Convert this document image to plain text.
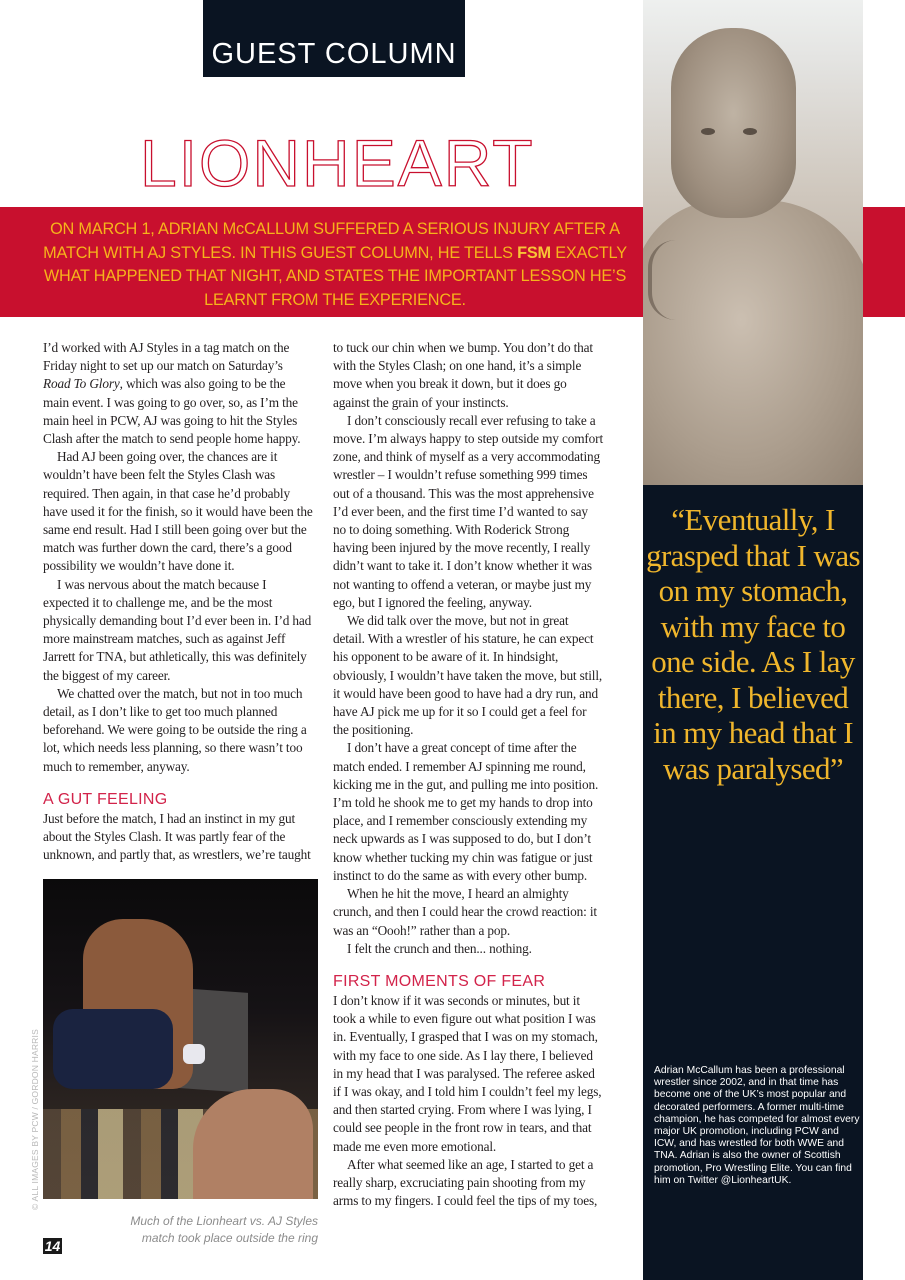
GUEST COLUMN
LIONHEART

ON MARCH 1, ADRIAN McCALLUM SUFFERED A SERIOUS INJURY AFTER A MATCH WITH AJ STYLES. IN THIS GUEST COLUMN, HE TELLS FSM EXACTLY WHAT HAPPENED THAT NIGHT, AND STATES THE IMPORTANT LESSON HE’S LEARNT FROM THE EXPERIENCE.

“Eventually, I grasped that I was on my stomach, with my face to one side. As I lay there, I believed in my head that I was paralysed”
Adrian McCallum has been a professional wrestler since 2002, and in that time has become one of the UK’s most popular and decorated performers. A former multi-time champion, he has competed for almost every major UK promotion, including PCW and ICW, and has wrestled for both WWE and TNA. Adrian is also the owner of Scottish promotion, Pro Wrestling Elite. You can find him on Twitter @LionheartUK.

I’d worked with AJ Styles in a tag match on the Friday night to set up our match on Saturday’s Road To Glory, which was also going to be the main event. I was going to go over, so, as I’m the main heel in PCW, AJ was going to hit the Styles Clash after the match to send people home happy.

Had AJ been going over, the chances are it wouldn’t have been felt the Styles Clash was required. Then again, in that case he’d probably have used it for the finish, so it would have been the same end result. Had I still been going over but the match was further down the card, there’s a good possibility we wouldn’t have done it.

I was nervous about the match because I expected it to challenge me, and be the most physically demanding bout I’d ever been in. I’d had more mainstream matches, such as against Jeff Jarrett for TNA, but athletically, this was definitely the biggest of my career.

We chatted over the match, but not in too much detail, as I don’t like to get too much planned beforehand. We were going to be outside the ring a lot, which needs less planning, so there wasn’t too much to remember, anyway.

A GUT FEELING

Just before the match, I had an instinct in my gut about the Styles Clash. It was partly fear of the unknown, and partly that, as wrestlers, we’re taught

to tuck our chin when we bump. You don’t do that with the Styles Clash; on one hand, it’s a simple move when you break it down, but it does go against the grain of your instincts.

I don’t consciously recall ever refusing to take a move. I’m always happy to step outside my comfort zone, and think of myself as a very accommodating wrestler – I wouldn’t refuse something 999 times out of a thousand. This was the most apprehensive I’d ever been, and the first time I’d wanted to say no to doing something. With Roderick Strong having been injured by the move recently, I really didn’t want to take it. I don’t know whether it was not wanting to offend a veteran, or maybe just my ego, but I ignored the feeling, anyway.

We did talk over the move, but not in great detail. With a wrestler of his stature, he can expect his opponent to be aware of it. In hindsight, obviously, I wouldn’t have taken the move, but still, it would have been good to have had a dry run, and have AJ pick me up for it so I could get a feel for the positioning.

I don’t have a great concept of time after the match ended. I remember AJ spinning me round, kicking me in the gut, and pulling me into position. I’m told he shook me to get my hands to drop into place, and I remember consciously extending my neck upwards as I was supposed to do, but I don’t know whether tucking my chin was fatigue or just instinct to do the same as with every other bump.

When he hit the move, I heard an almighty crunch, and then I could hear the crowd reaction: it was an “Oooh!” rather than a pop.

I felt the crunch and then... nothing.

FIRST MOMENTS OF FEAR

I don’t know if it was seconds or minutes, but it took a while to even figure out what position I was in. Eventually, I grasped that I was on my stomach, with my face to one side. As I lay there, I believed in my head that I was paralysed. The referee asked if I was okay, and I told him I couldn’t feel my legs, and then started crying. From where I was lying, I could see people in the front row in tears, and that made me even more emotional.

After what seemed like an age, I started to get a really sharp, excruciating pain shooting from my arms to my fingers. I could feel the tips of my toes,

© ALL IMAGES BY PCW / GORDON HARRIS
Much of the Lionheart vs. AJ Styles
match took place outside the ring
14
